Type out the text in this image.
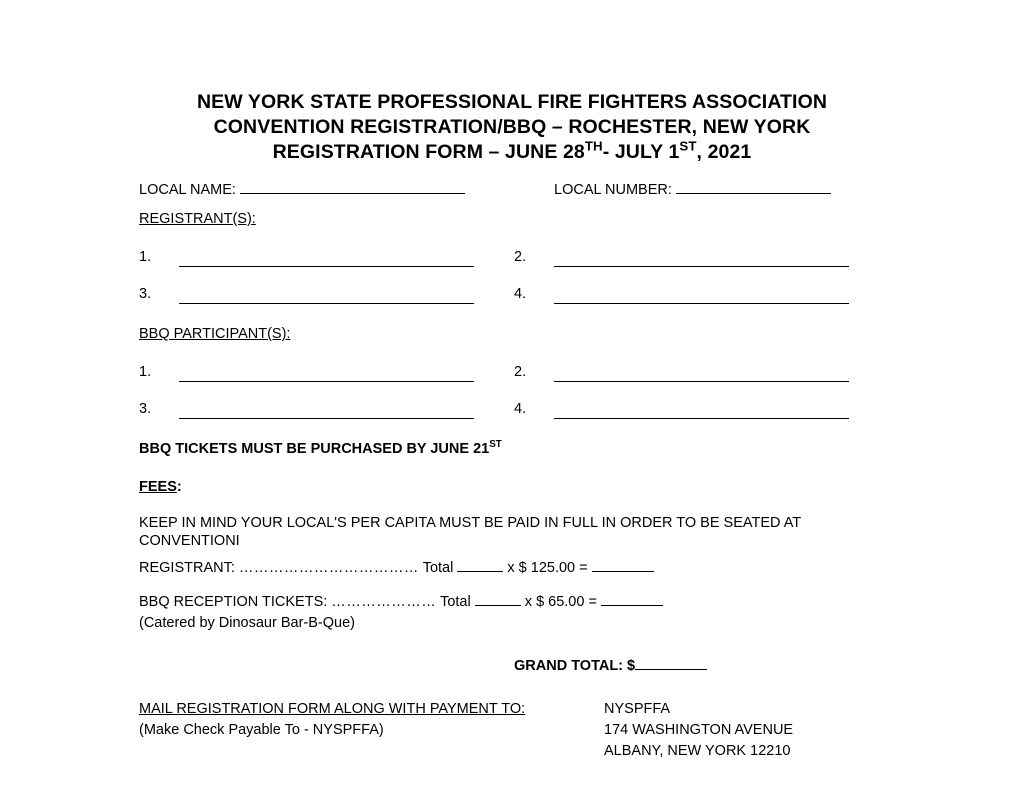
NEW YORK STATE PROFESSIONAL FIRE FIGHTERS ASSOCIATION
CONVENTION REGISTRATION/BBQ – ROCHESTER, NEW YORK
REGISTRATION FORM – JUNE 28TH- JULY 1ST, 2021
LOCAL NAME:	LOCAL NUMBER:
REGISTRANT(S):
1.	2.
3.	4.
BBQ PARTICIPANT(S):
1.	2.
3.	4.
BBQ TICKETS MUST BE PURCHASED BY JUNE 21ST
FEES:
KEEP IN MIND YOUR LOCAL'S PER CAPITA MUST BE PAID IN FULL IN ORDER TO BE SEATED AT
CONVENTIONI
REGISTRANT: ……………………………… Total	x $ 125.00 =
BBQ RECEPTION TICKETS: ………………… Total	x $ 65.00 =
(Catered by Dinosaur Bar-B-Que)
GRAND TOTAL: $
MAIL REGISTRATION FORM ALONG WITH PAYMENT TO:	NYSPFFA
(Make Check Payable To - NYSPFFA)	174 WASHINGTON AVENUE
ALBANY, NEW YORK 12210
